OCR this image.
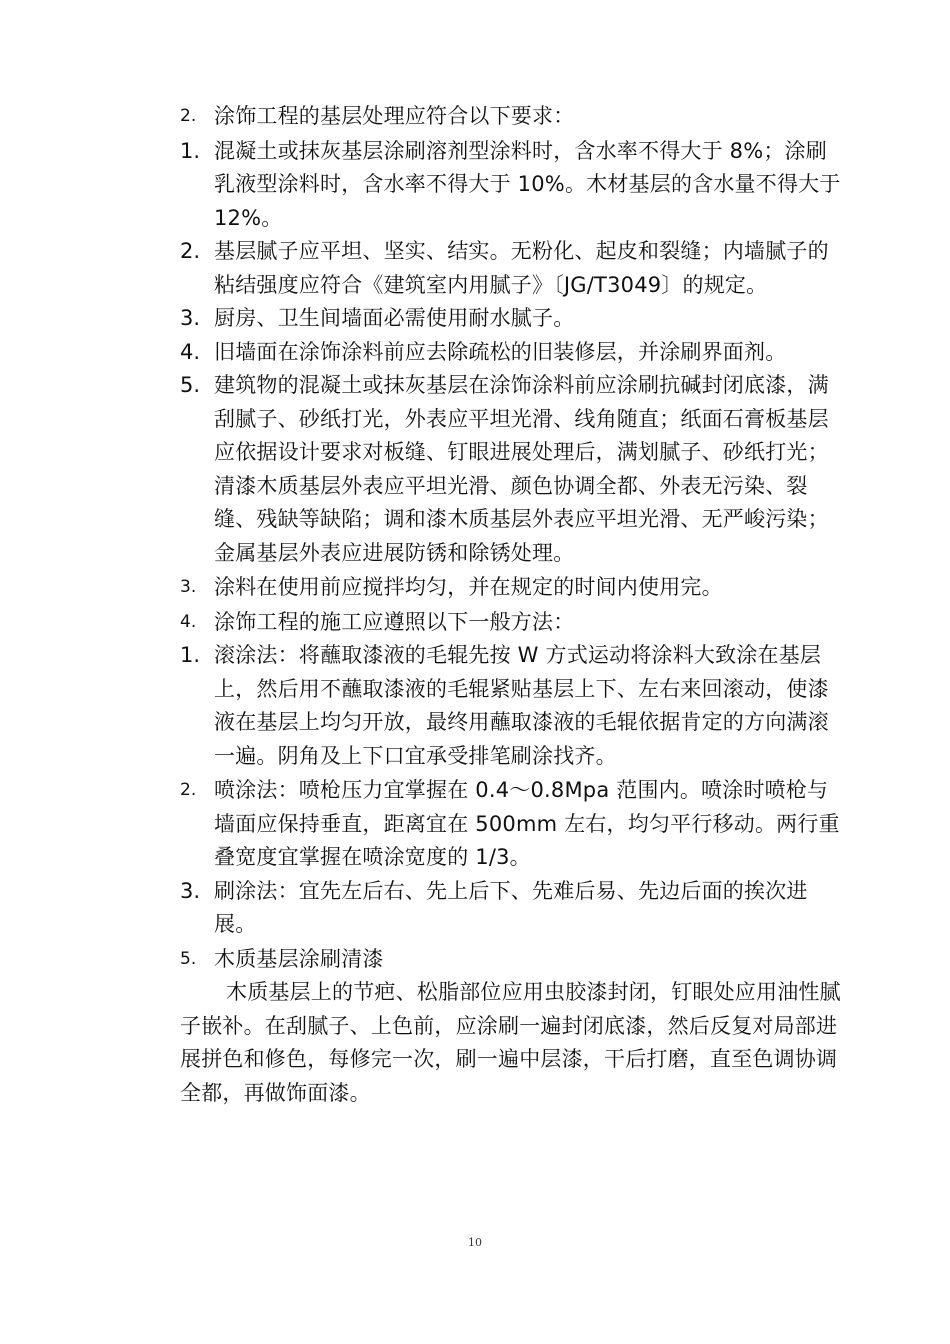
2. 涂饰工程的基层处理应符合以下要求：
1. 混凝土或抹灰基层涂刷溶剂型涂料时，含水率不得大于 8%；涂刷乳液型涂料时，含水率不得大于 10%。木材基层的含水量不得大于 12%。
2. 基层腻子应平坦、坚实、结实。无粉化、起皮和裂缝；内墙腻子的粘结强度应符合《建筑室内用腻子》〔JG/T3049〕的规定。
3. 厨房、卫生间墙面必需使用耐水腻子。
4. 旧墙面在涂饰涂料前应去除疏松的旧装修层，并涂刷界面剂。
5. 建筑物的混凝土或抹灰基层在涂饰涂料前应涂刷抗碱封闭底漆，满刮腻子、砂纸打光，外表应平坦光滑、线角随直；纸面石膏板基层应依据设计要求对板缝、钉眼进展处理后，满划腻子、砂纸打光；清漆木质基层外表应平坦光滑、颜色协调全都、外表无污染、裂缝、残缺等缺陷；调和漆木质基层外表应平坦光滑、无严峻污染；金属基层外表应进展防锈和除锈处理。
3. 涂料在使用前应搅拌均匀，并在规定的时间内使用完。
4. 涂饰工程的施工应遵照以下一般方法：
1. 滚涂法：将蘸取漆液的毛辊先按 W 方式运动将涂料大致涂在基层上，然后用不蘸取漆液的毛辊紧贴基层上下、左右来回滚动，使漆液在基层上均匀开放，最终用蘸取漆液的毛辊依据肯定的方向满滚一遍。阴角及上下口宜承受排笔刷涂找齐。
2. 喷涂法：喷枪压力宜掌握在 0.4～0.8Mpa 范围内。喷涂时喷枪与墙面应保持垂直，距离宜在 500mm 左右，均匀平行移动。两行重叠宽度宜掌握在喷涂宽度的 1/3。
3. 刷涂法：宜先左后右、先上后下、先难后易、先边后面的挨次进展。
5. 木质基层涂刷清漆
木质基层上的节疤、松脂部位应用虫胶漆封闭，钉眼处应用油性腻子嵌补。在刮腻子、上色前，应涂刷一遍封闭底漆，然后反复对局部进展拼色和修色，每修完一次，刷一遍中层漆，干后打磨，直至色调协调全都，再做饰面漆。
10
